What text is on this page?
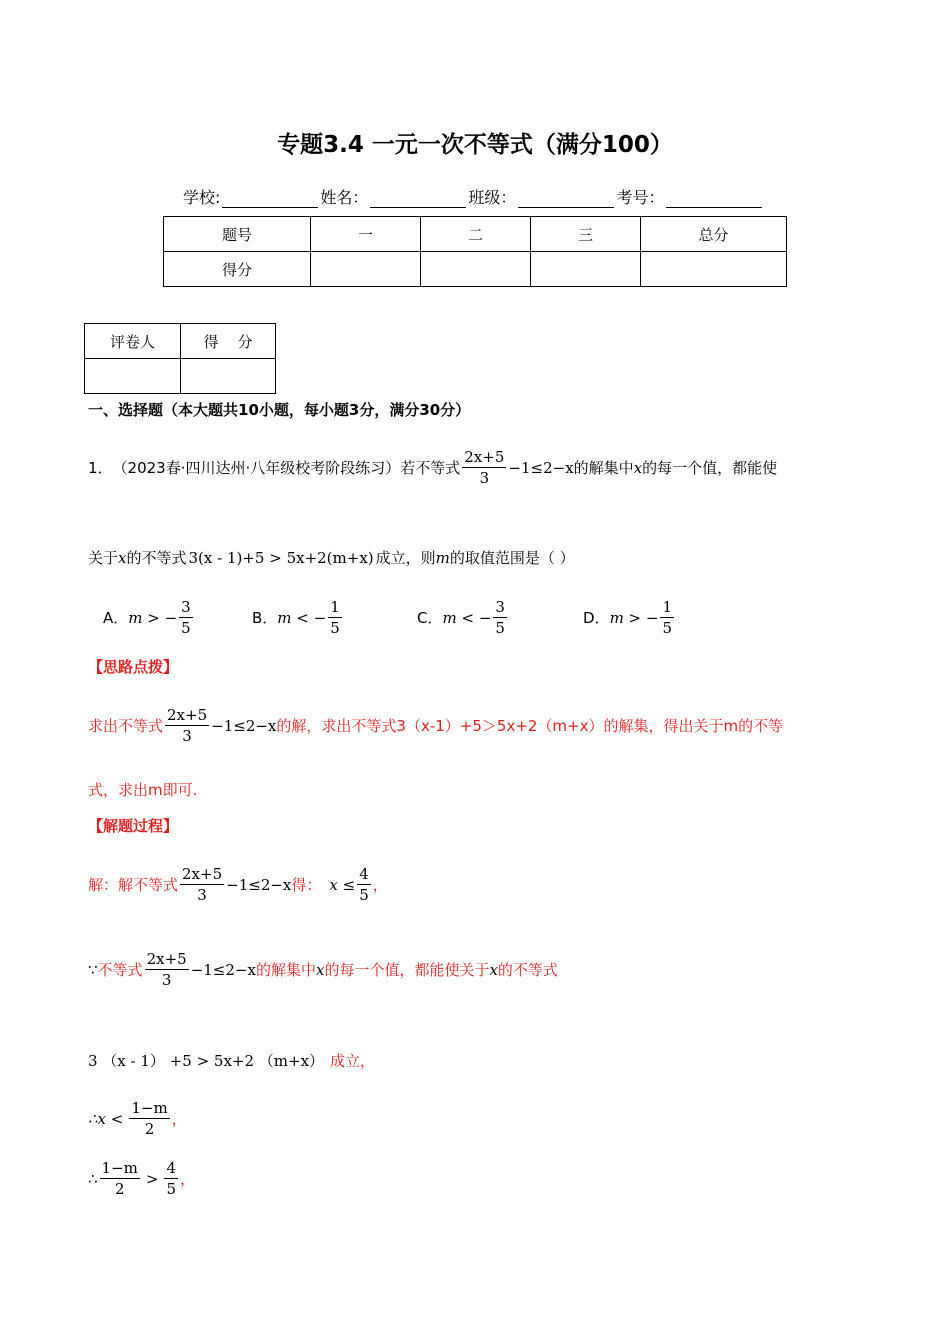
专题3.4 一元一次不等式（满分100）
学校:	姓名：	班级：	考号：
题号	一	二	三	总分
得分				
评卷人	得    分

一、选择题（本大题共10小题，每小题3分，满分30分）
1． （2023春·四川达州·八年级校考阶段练习） 若不等式 $\frac{2x+5}{3} -1\le 2-x$ 的解集中 x 的每一个值，都能使
关于 x 的不等式 3(x - 1)+5 > 5x+2(m+x) 成立，则 m 的取值范围是（ ）
A． m > − $\frac{3}{5}$	B． m < − $\frac{1}{5}$	C． m < − $\frac{3}{5}$	D． m > − $\frac{1}{5}$
【思路点拨】
求出不等式 $\frac{2x+5}{3} -1\le 2-x$ 的解，求出不等式3（x-1）+5＞5x+2（m+x）的解集，得出关于m的不等
式，求出m即可.
【解题过程】
解：解不等式 $\frac{2x+5}{3} -1\le 2-x$ 得： $x \le \frac{4}{5}$ ，
∵ 不等式 $\frac{2x+5}{3} -1\le 2-x$ 的解集中 x 的每一个值，都能使关于 x 的不等式
3 （x - 1） +5 > 5x+2 （m+x） 成立，
∴x < $\frac{1-m}{2}$ ，
∴ $\frac{1-m}{2} > \frac{4}{5}$ ，
